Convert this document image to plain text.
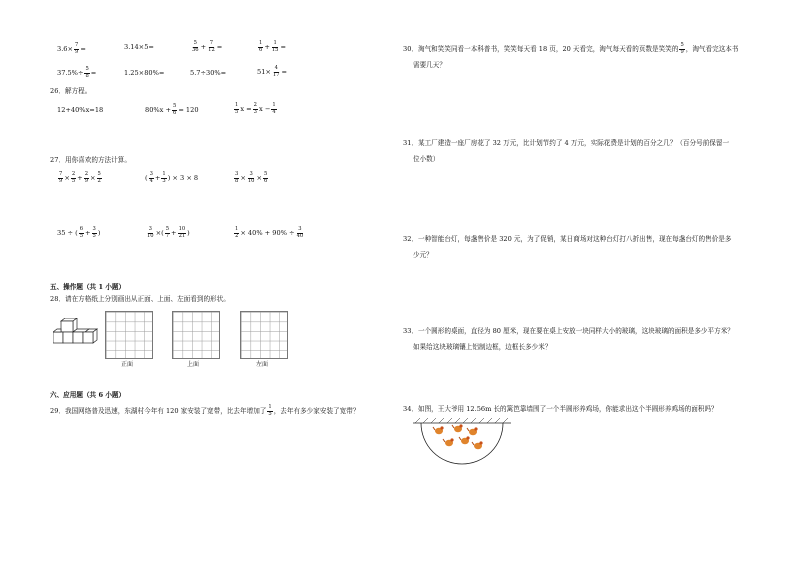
$3.6\times \frac{7}{9}$ =	3.14×5=	$\frac{5}{36} + \frac{7}{12}$ =	$\frac{1}{6} + \frac{1}{15}$ =
$37.5\%\div \frac{5}{8}$ =	1.25×80%=	5.7÷30%=	$51\times \frac{4}{17}$ =
26．解方程。
12+40%x=18	$80\%x + \frac{5}{6} = 120$	$\frac{1}{5}$ $x = \frac{2}{3}$ $x - \frac{1}{4}$
27．用你喜欢的方法计算。
$\frac{7}{9} \times \frac{2}{5} + \frac{2}{9} \times \frac{5}{2}$	( $\frac{3}{4} + \frac{1}{3}$ ) × 3 × 8	$\frac{3}{8} \times \frac{3}{10} \times \frac{5}{6}$
35 ÷ ( $\frac{6}{5} + \frac{3}{5}$ )	$\frac{3}{10}$ ×( $\frac{5}{7} + \frac{10}{21}$ )	$\frac{1}{2} \times 40\% + 90\% \div \frac{3}{40}$
五、操作题（共 1 小题）
28．请在方格纸上分别画出从正面、上面、左面看到的形状。
正面	上面	左面
六、应用题（共 6 小题）
29．我国网络普及迅速，东湖村今年有 120 家安装了宽带，比去年增加了 $\frac{1}{5}$ ，去年有多少家安装了宽带？
30．淘气和笑笑同看一本科普书，笑笑每天看 18 页，20 天看完，淘气每天看的页数是笑笑的 $\frac{5}{9}$ ，淘气看完这本书
需要几天？
31．某工厂建造一座厂房花了 32 万元，比计划节约了 4 万元，实际花费是计划的百分之几？（百分号前保留一
位小数）
32．一种智能台灯，每盏售价是 320 元，为了促销，某日商场对这种台灯打八折出售，现在每盏台灯的售价是多
少元？
33．一个圆形的桌面，直径为 80 厘米，现在要在桌上安放一块同样大小的玻璃，这块玻璃的面积是多少平方米？
如果给这块玻璃镶上铝制边框，边框长多少米？
34．如图，王大爷用 12.56m 长的篱笆靠墙围了一个半圆形养鸡场，你能求出这个半圆形养鸡场的面积吗？
